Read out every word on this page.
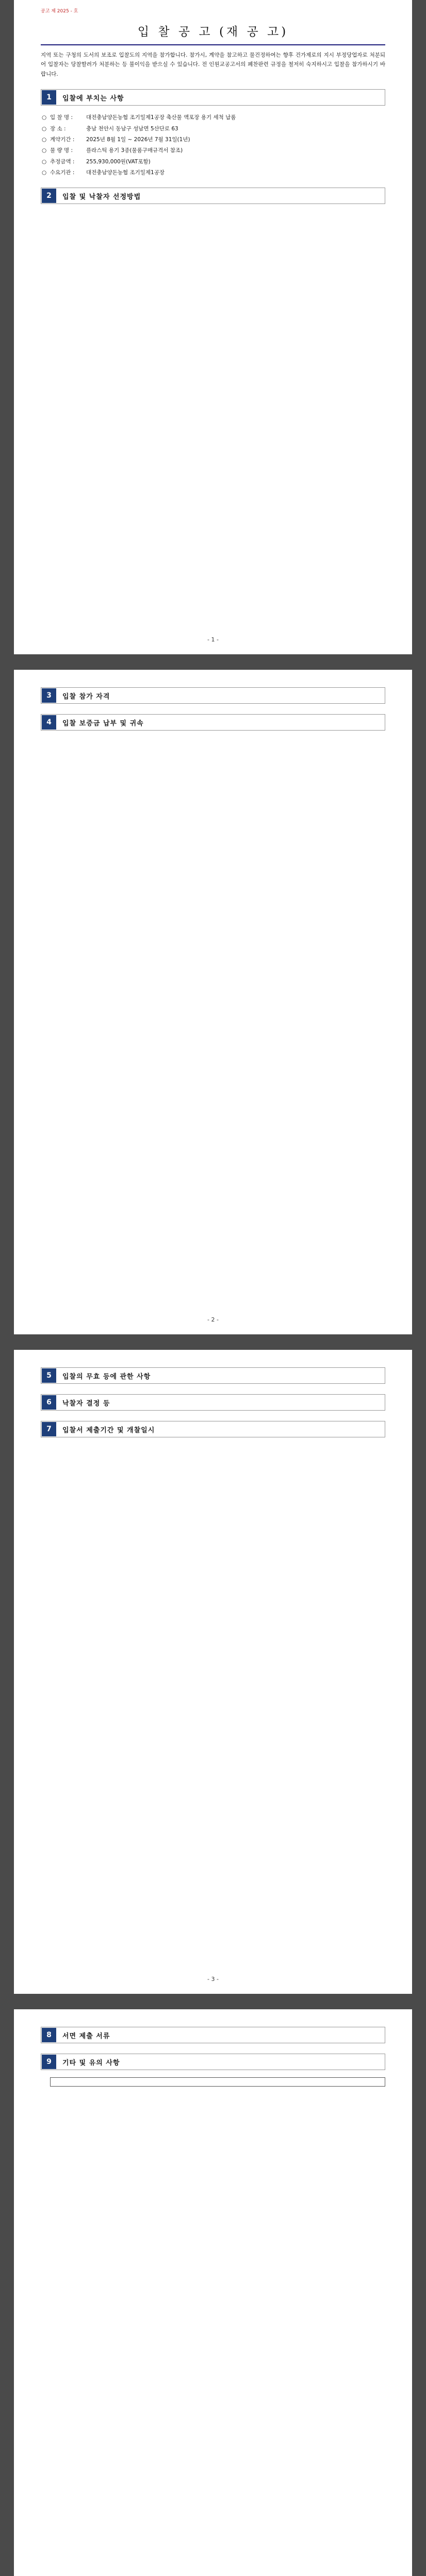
공고 제 2025 - 호
입 찰 공 고 (재 공 고)
지역 또는 구청의 도서의 보조로 입찰도의 지역을 참가합니다. 참가시, 계약을 참고하고 물건정하여는 향후 건가제로의 지시 부정당업자로 처분되어 입찰자는 당찰할려가 처분하는 등 불이익을 받으실 수 있습니다. 전 인원교공고서의 폐찬판련 규정을 철저히 숙지하시고 입찰을 참가하시기 바랍니다.
1	입찰에 부치는 사항
○ 입 찰 명 : 대전충남양돈농협 조기일제1공장 축산물 액포장 용기 세척 납품
○ 장 소 :	충남 천안시 동남구 성남면 5산단로 63
○ 계약기간 : 2025년 8월 1일 ~ 2026년 7월 31일(1년)
○ 물 량 명 : 플라스틱 용기 3종(물품구매규격서 참조)
○ 추정금액 : 255,930,000원(VAT포함)
○ 수요기관 : 대전충남양돈농협 조기일제1공장
2	입찰 및 낙찰자 선정방법
- 1 -
3	입찰 참가 자격
4	입찰 보증금 납부 및 귀속
- 2 -
5	입찰의 무효 등에 관한 사항
6	낙찰자 결정 등
7	입찰서 제출기간 및 개찰일시
- 3 -
8	서면 제출 서류
9	기타 및 유의 사항
